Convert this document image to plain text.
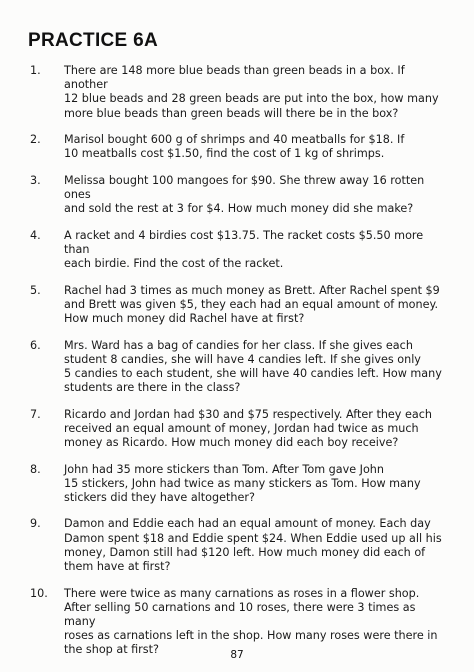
PRACTICE 6A
1.	There are 148 more blue beads than green beads in a box. If another
12 blue beads and 28 green beads are put into the box, how many
more blue beads than green beads will there be in the box?
2.	Marisol bought 600 g of shrimps and 40 meatballs for $18. If
10 meatballs cost $1.50, find the cost of 1 kg of shrimps.
3.	Melissa bought 100 mangoes for $90. She threw away 16 rotten ones
and sold the rest at 3 for $4. How much money did she make?
4.	A racket and 4 birdies cost $13.75. The racket costs $5.50 more than
each birdie. Find the cost of the racket.
5.	Rachel had 3 times as much money as Brett. After Rachel spent $9
and Brett was given $5, they each had an equal amount of money.
How much money did Rachel have at first?
6.	Mrs. Ward has a bag of candies for her class. If she gives each
student 8 candies, she will have 4 candies left. If she gives only
5 candies to each student, she will have 40 candies left. How many
students are there in the class?
7.	Ricardo and Jordan had $30 and $75 respectively. After they each
received an equal amount of money, Jordan had twice as much
money as Ricardo. How much money did each boy receive?
8.	John had 35 more stickers than Tom. After Tom gave John
15 stickers, John had twice as many stickers as Tom. How many
stickers did they have altogether?
9.	Damon and Eddie each had an equal amount of money. Each day
Damon spent $18 and Eddie spent $24. When Eddie used up all his
money, Damon still had $120 left. How much money did each of
them have at first?
10.	There were twice as many carnations as roses in a flower shop.
After selling 50 carnations and 10 roses, there were 3 times as many
roses as carnations left in the shop. How many roses were there in
the shop at first?	87
